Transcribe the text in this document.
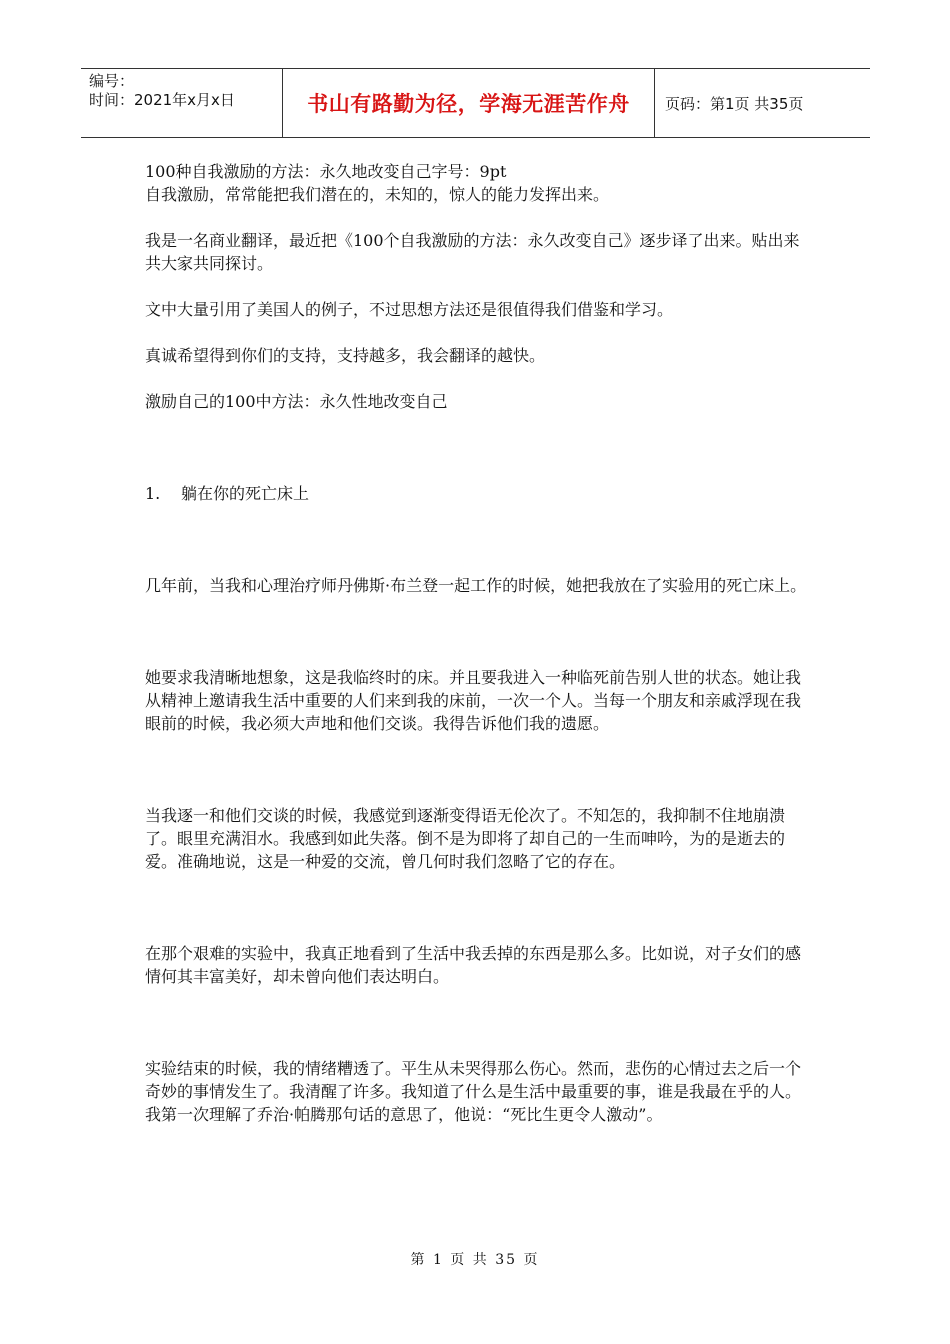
编号：
时间：2021年x月x日	书山有路勤为径，学海无涯苦作舟 页码：第1页 共35页

100种自我激励的方法：永久地改变自己字号：9pt

自我激励，常常能把我们潜在的，未知的，惊人的能力发挥出来。

我是一名商业翻译，最近把《100个自我激励的方法：永久改变自己》逐步译了出来。贴出来共大家共同探讨。

文中大量引用了美国人的例子，不过思想方法还是很值得我们借鉴和学习。

真诚希望得到你们的支持，支持越多，我会翻译的越快。

激励自己的100中方法：永久性地改变自己

1.	躺在你的死亡床上

几年前，当我和心理治疗师丹佛斯·布兰登一起工作的时候，她把我放在了实验用的死亡床上。

她要求我清晰地想象，这是我临终时的床。并且要我进入一种临死前告别人世的状态。她让我从精神上邀请我生活中重要的人们来到我的床前，一次一个人。当每一个朋友和亲戚浮现在我眼前的时候，我必须大声地和他们交谈。我得告诉他们我的遗愿。

当我逐一和他们交谈的时候，我感觉到逐渐变得语无伦次了。不知怎的，我抑制不住地崩溃了。眼里充满泪水。我感到如此失落。倒不是为即将了却自己的一生而呻吟，为的是逝去的爱。准确地说，这是一种爱的交流，曾几何时我们忽略了它的存在。

在那个艰难的实验中，我真正地看到了生活中我丢掉的东西是那么多。比如说，对子女们的感情何其丰富美好，却未曾向他们表达明白。

实验结束的时候，我的情绪糟透了。平生从未哭得那么伤心。然而，悲伤的心情过去之后一个奇妙的事情发生了。我清醒了许多。我知道了什么是生活中最重要的事，谁是我最在乎的人。我第一次理解了乔治·帕腾那句话的意思了，他说：“死比生更令人激动”。

第 1 页 共 35 页
